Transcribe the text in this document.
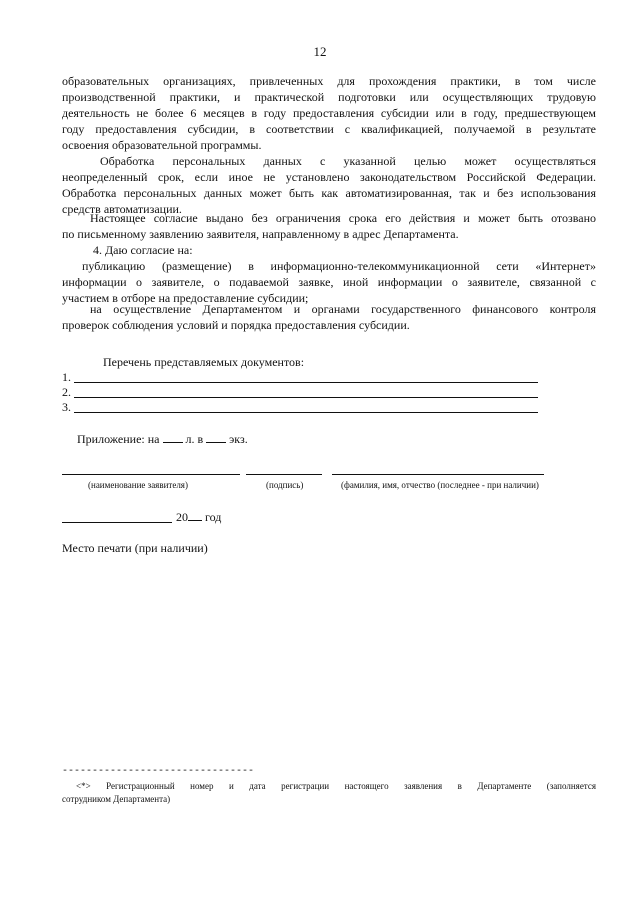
12
образовательных организациях, привлеченных для прохождения практики, в том числе
производственной практики, и практической подготовки или осуществляющих трудовую
деятельность не более 6 месяцев в году предоставления субсидии или в году, предшествующем
году предоставления субсидии, в соответствии с квалификацией, получаемой в результате
освоения образовательной программы.
Обработка персональных данных с указанной целью может осуществляться
неопределенный срок, если иное не установлено законодательством Российской Федерации.
Обработка персональных данных может быть как автоматизированная, так и без использования
средств автоматизации.
Настоящее согласие выдано без ограничения срока его действия и может быть отозвано
по письменному заявлению заявителя, направленному в адрес Департамента.
4. Даю согласие на:
публикацию (размещение) в информационно-телекоммуникационной сети «Интернет»
информации о заявителе, о подаваемой заявке, иной информации о заявителе, связанной с
участием в отборе на предоставление субсидии;
на осуществление Департаментом и органами государственного финансового контроля
проверок соблюдения условий и порядка предоставления субсидии.
Перечень представляемых документов:
1.
2.
3.
Приложение: на л. в экз.
(наименование заявителя)	(подпись)	(фамилия, имя, отчество (последнее - при наличии)
20 год
Место печати (при наличии)
--------------------------------
<*> Регистрационный номер и дата регистрации настоящего заявления в Департаменте (заполняется
сотрудником Департамента)
